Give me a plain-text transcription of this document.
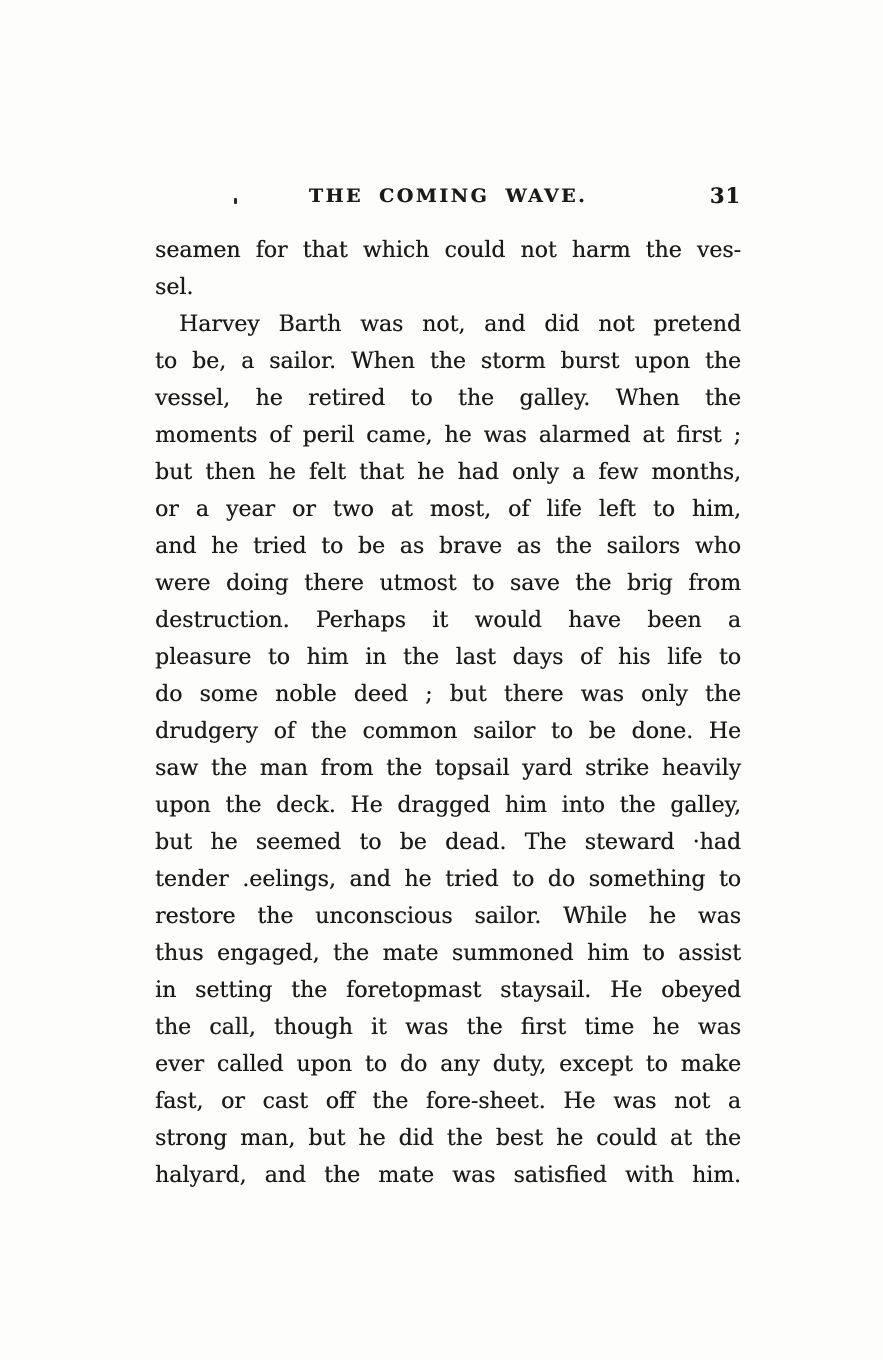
THE COMING WAVE.	31
seamen for that which could not harm the ves-
sel.
Harvey Barth was not, and did not pretend
to be, a sailor. When the storm burst upon the
vessel, he retired to the galley. When the
moments of peril came, he was alarmed at first ;
but then he felt that he had only a few months,
or a year or two at most, of life left to him,
and he tried to be as brave as the sailors who
were doing there utmost to save the brig from
destruction. Perhaps it would have been a
pleasure to him in the last days of his life to
do some noble deed ; but there was only the
drudgery of the common sailor to be done. He
saw the man from the topsail yard strike heavily
upon the deck. He dragged him into the galley,
but he seemed to be dead. The steward ·had
tender .eelings, and he tried to do something to
restore the unconscious sailor. While he was
thus engaged, the mate summoned him to assist
in setting the foretopmast staysail. He obeyed
the call, though it was the first time he was
ever called upon to do any duty, except to make
fast, or cast off the fore-sheet. He was not a
strong man, but he did the best he could at the
halyard, and the mate was satisfied with him.
